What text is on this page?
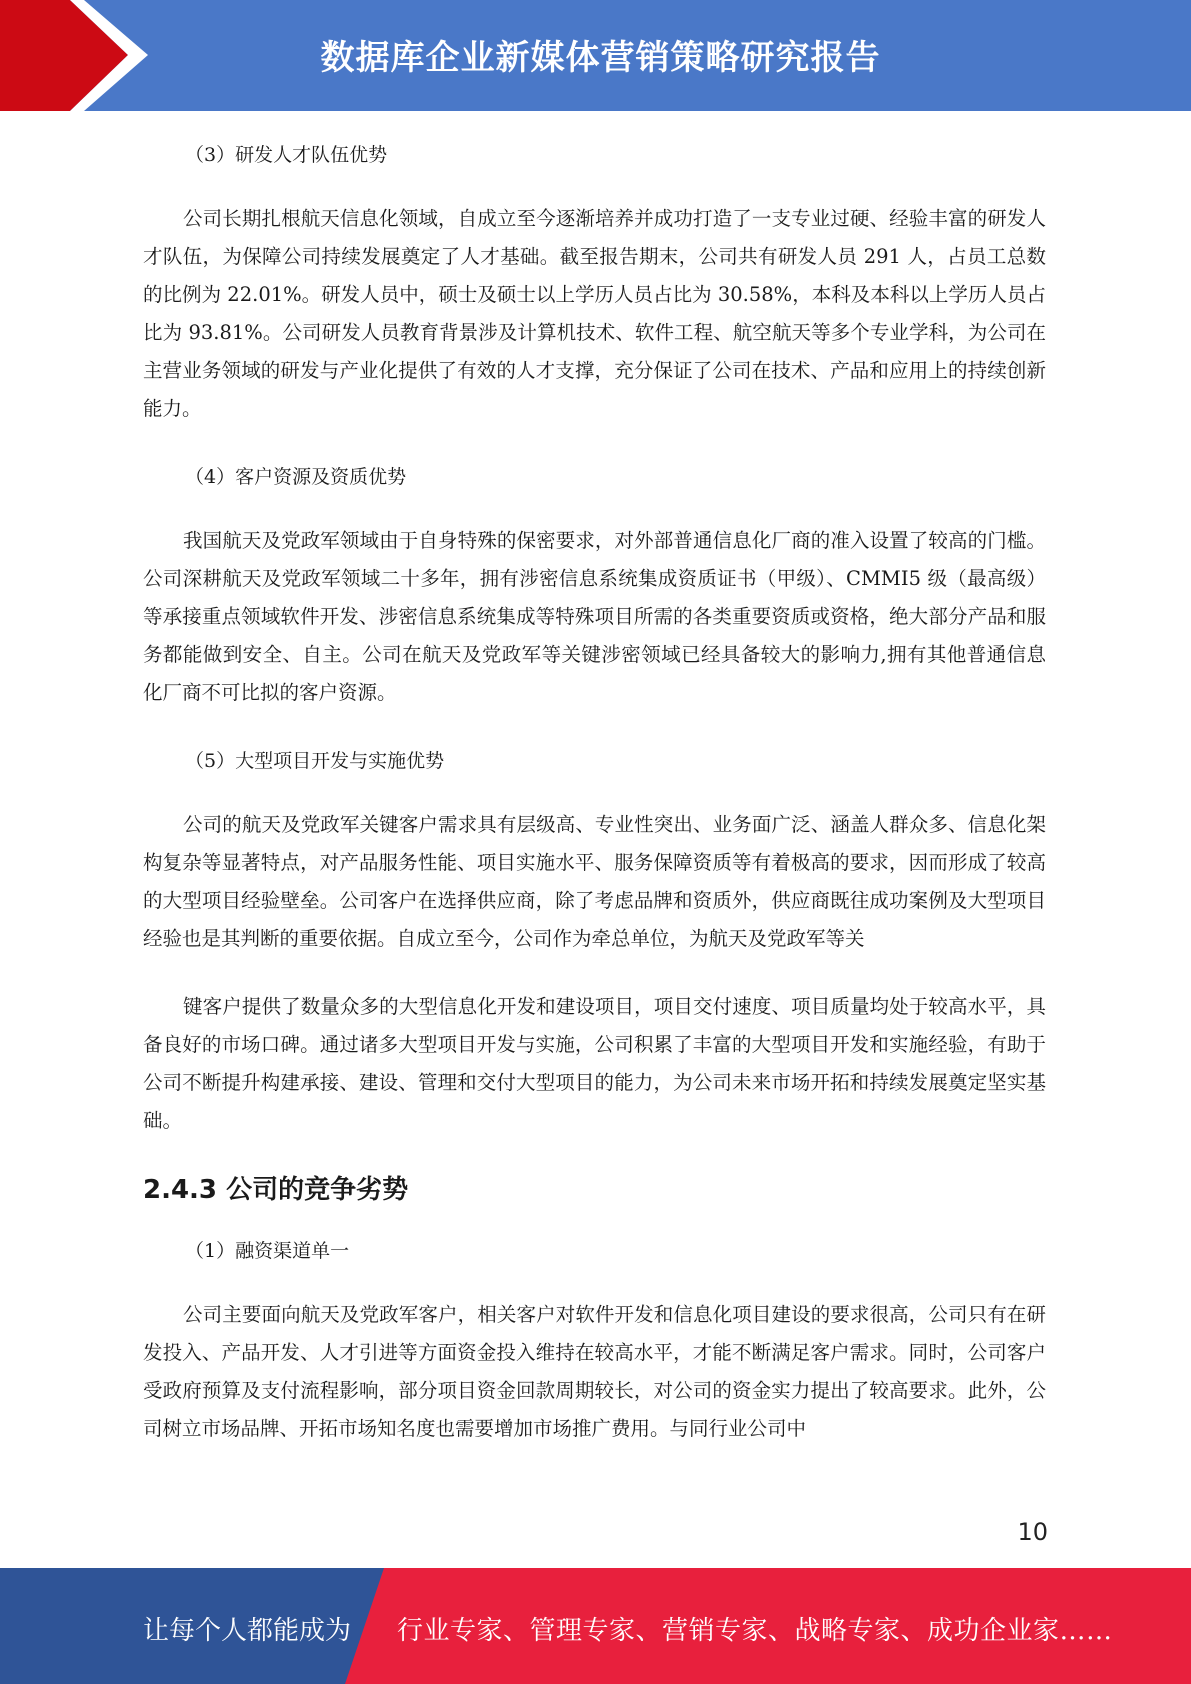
数据库企业新媒体营销策略研究报告
（3）研发人才队伍优势

公司长期扎根航天信息化领域，自成立至今逐渐培养并成功打造了一支专业过硬、经验丰富的研发人才队伍，为保障公司持续发展奠定了人才基础。截至报告期末，公司共有研发人员 291 人，占员工总数的比例为 22.01%。研发人员中，硕士及硕士以上学历人员占比为 30.58%，本科及本科以上学历人员占比为 93.81%。公司研发人员教育背景涉及计算机技术、软件工程、航空航天等多个专业学科，为公司在主营业务领域的研发与产业化提供了有效的人才支撑，充分保证了公司在技术、产品和应用上的持续创新能力。

（4）客户资源及资质优势

我国航天及党政军领域由于自身特殊的保密要求，对外部普通信息化厂商的准入设置了较高的门槛。公司深耕航天及党政军领域二十多年，拥有涉密信息系统集成资质证书（甲级）、CMMI5 级（最高级）等承接重点领域软件开发、涉密信息系统集成等特殊项目所需的各类重要资质或资格，绝大部分产品和服务都能做到安全、自主。公司在航天及党政军等关键涉密领域已经具备较大的影响力,拥有其他普通信息化厂商不可比拟的客户资源。

（5）大型项目开发与实施优势

公司的航天及党政军关键客户需求具有层级高、专业性突出、业务面广泛、涵盖人群众多、信息化架构复杂等显著特点，对产品服务性能、项目实施水平、服务保障资质等有着极高的要求，因而形成了较高的大型项目经验壁垒。公司客户在选择供应商，除了考虑品牌和资质外，供应商既往成功案例及大型项目经验也是其判断的重要依据。自成立至今，公司作为牵总单位，为航天及党政军等关

键客户提供了数量众多的大型信息化开发和建设项目，项目交付速度、项目质量均处于较高水平，具备良好的市场口碑。通过诸多大型项目开发与实施，公司积累了丰富的大型项目开发和实施经验，有助于公司不断提升构建承接、建设、管理和交付大型项目的能力，为公司未来市场开拓和持续发展奠定坚实基础。

2.4.3 公司的竞争劣势
（1）融资渠道单一

公司主要面向航天及党政军客户，相关客户对软件开发和信息化项目建设的要求很高，公司只有在研发投入、产品开发、人才引进等方面资金投入维持在较高水平，才能不断满足客户需求。同时，公司客户受政府预算及支付流程影响，部分项目资金回款周期较长，对公司的资金实力提出了较高要求。此外，公司树立市场品牌、开拓市场知名度也需要增加市场推广费用。与同行业公司中

10
让每个人都能成为 行业专家、管理专家、营销专家、战略专家、成功企业家……
